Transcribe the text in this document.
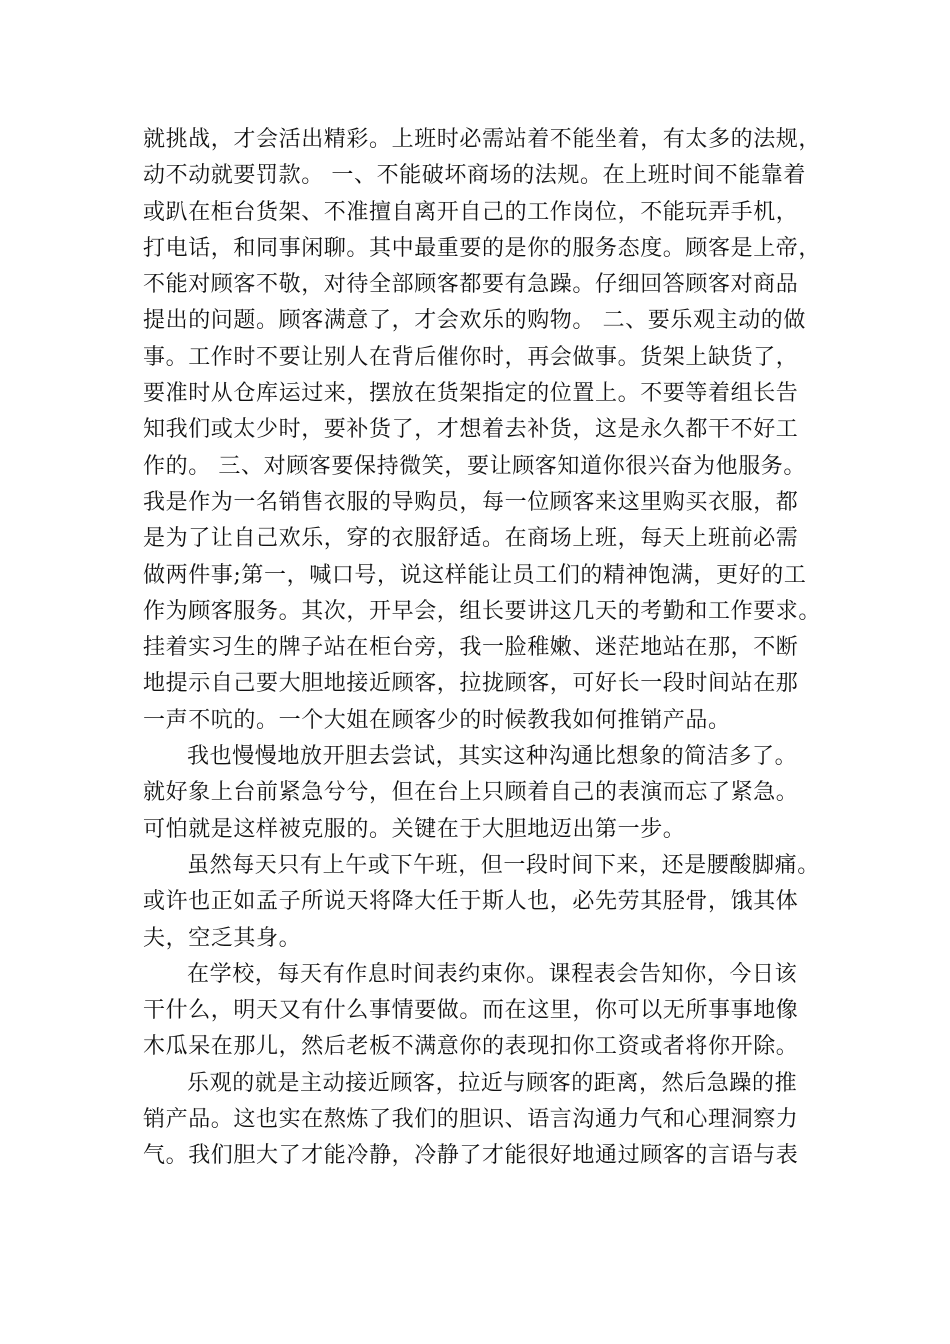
就挑战，才会活出精彩。上班时必需站着不能坐着，有太多的法规，
动不动就要罚款。 一、不能破坏商场的法规。在上班时间不能靠着
或趴在柜台货架、不准擅自离开自己的工作岗位，不能玩弄手机，
打电话，和同事闲聊。其中最重要的是你的服务态度。顾客是上帝，
不能对顾客不敬，对待全部顾客都要有急躁。仔细回答顾客对商品
提出的问题。顾客满意了，才会欢乐的购物。 二、要乐观主动的做
事。工作时不要让别人在背后催你时，再会做事。货架上缺货了，
要准时从仓库运过来，摆放在货架指定的位置上。不要等着组长告
知我们或太少时，要补货了，才想着去补货，这是永久都干不好工
作的。 三、对顾客要保持微笑，要让顾客知道你很兴奋为他服务。
我是作为一名销售衣服的导购员，每一位顾客来这里购买衣服，都
是为了让自己欢乐，穿的衣服舒适。在商场上班，每天上班前必需
做两件事;第一，喊口号，说这样能让员工们的精神饱满，更好的工
作为顾客服务。其次，开早会，组长要讲这几天的考勤和工作要求。
挂着实习生的牌子站在柜台旁，我一脸稚嫩、迷茫地站在那，不断
地提示自己要大胆地接近顾客，拉拢顾客，可好长一段时间站在那
一声不吭的。一个大姐在顾客少的时候教我如何推销产品。
我也慢慢地放开胆去尝试，其实这种沟通比想象的简洁多了。
就好象上台前紧急兮兮，但在台上只顾着自己的表演而忘了紧急。
可怕就是这样被克服的。关键在于大胆地迈出第一步。
虽然每天只有上午或下午班，但一段时间下来，还是腰酸脚痛。
或许也正如孟子所说天将降大任于斯人也，必先劳其胫骨，饿其体
夫，空乏其身。
在学校，每天有作息时间表约束你。课程表会告知你，今日该
干什么，明天又有什么事情要做。而在这里，你可以无所事事地像
木瓜呆在那儿，然后老板不满意你的表现扣你工资或者将你开除。
乐观的就是主动接近顾客，拉近与顾客的距离，然后急躁的推
销产品。这也实在熬炼了我们的胆识、语言沟通力气和心理洞察力
气。我们胆大了才能冷静，冷静了才能很好地通过顾客的言语与表
